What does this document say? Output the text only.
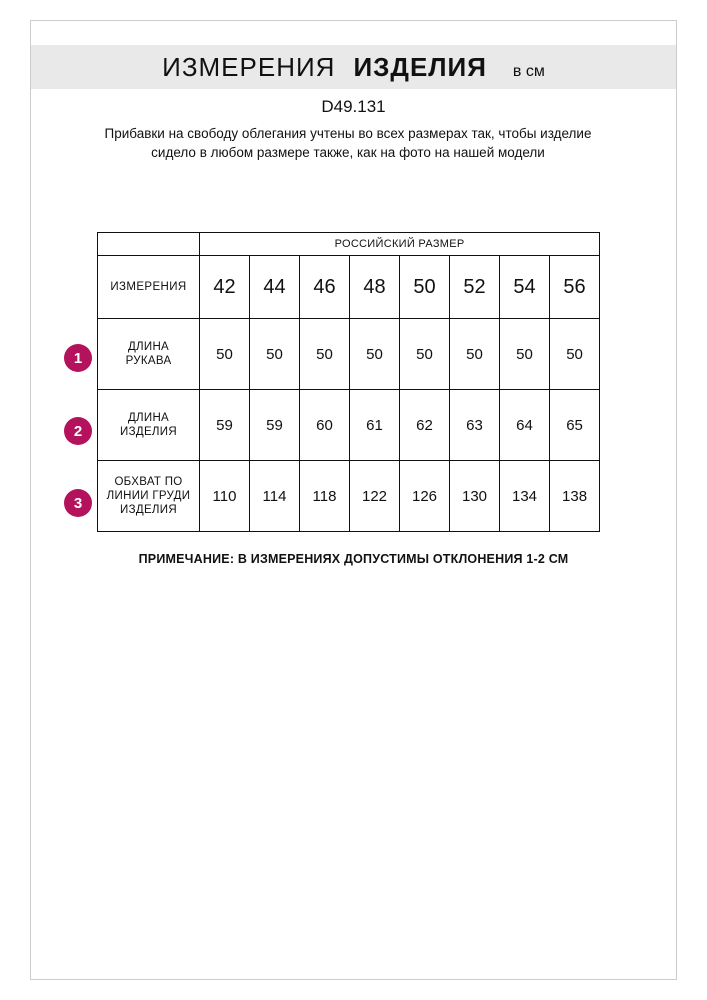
ИЗМЕРЕНИЯ ИЗДЕЛИЯ в см
D49.131
Прибавки на свободу облегания учтены во всех размерах так, чтобы изделие сидело в любом размере также, как на фото на нашей модели
1
2
3
	РОССИЙСКИЙ РАЗМЕР							
ИЗМЕРЕНИЯ	42	44	46	48	50	52	54	56
ДЛИНА РУКАВА	50	50	50	50	50	50	50	50
ДЛИНА ИЗДЕЛИЯ	59	59	60	61	62	63	64	65
ОБХВАТ ПО ЛИНИИ ГРУДИ ИЗДЕЛИЯ	110	114	118	122	126	130	134	138
ПРИМЕЧАНИЕ: В ИЗМЕРЕНИЯХ ДОПУСТИМЫ ОТКЛОНЕНИЯ 1-2 СМ
